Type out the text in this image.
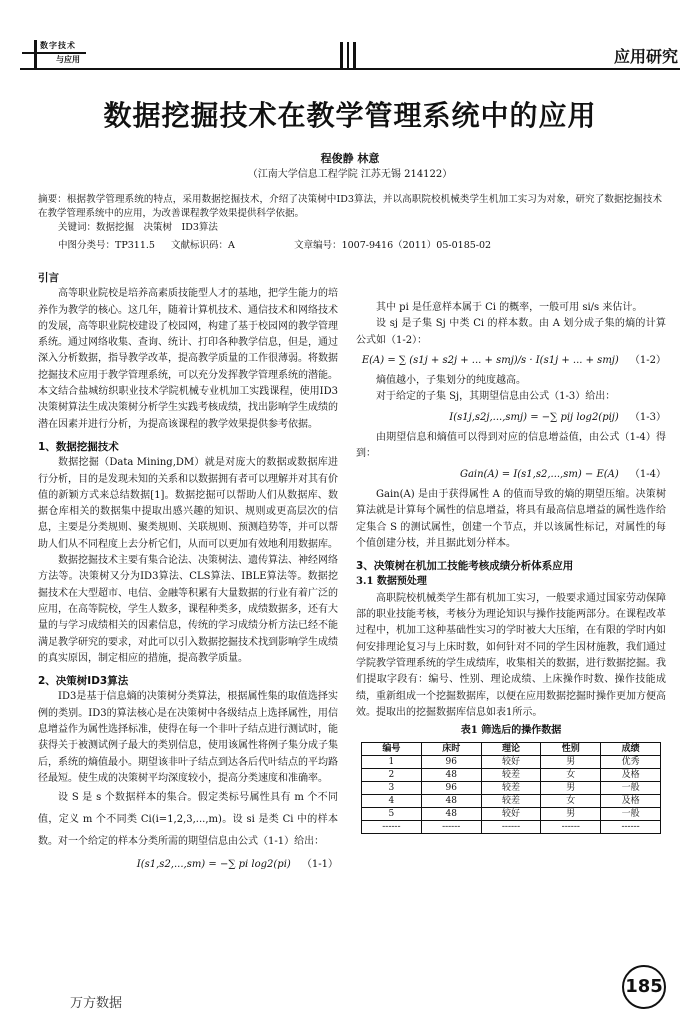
数字技术
与应用	应用研究
数据挖掘技术在教学管理系统中的应用
程俊静 林意
（江南大学信息工程学院 江苏无锡 214122）
摘要：根据教学管理系统的特点，采用数据挖掘技术，介绍了决策树中ID3算法，并以高职院校机械类学生机加工实习为对象，研究了数据挖掘技术在教学管理系统中的应用，为改善课程教学效果提供科学依据。
关键词：数据挖掘　决策树　ID3算法
中图分类号：TP311.5 文献标识码：A	文章编号：1007-9416（2011）05-0185-02
引言

高等职业院校是培养高素质技能型人才的基地，把学生能力的培养作为教学的核心。这几年，随着计算机技术、通信技术和网络技术的发展，高等职业院校建设了校园网，构建了基于校园网的教学管理系统。通过网络收集、查询、统计、打印各种教学信息，但是，通过深入分析数据，指导教学改革，提高教学质量的工作很薄弱。将数据挖掘技术应用于教学管理系统，可以充分发挥教学管理系统的潜能。本文结合盐城纺织职业技术学院机械专业机加工实践课程，使用ID3决策树算法生成决策树分析学生实践考核成绩，找出影响学生成绩的潜在因素并进行分析，为提高该课程的教学效果提供参考依据。

1、数据挖掘技术

数据挖掘（Data Mining,DM）就是对庞大的数据或数据库进行分析，目的是发现未知的关系和以数据拥有者可以理解并对其有价值的新颖方式来总结数据[1]。数据挖掘可以帮助人们从数据库、数据仓库相关的数据集中提取出感兴趣的知识、规则或更高层次的信息，主要是分类规则、聚类规则、关联规则、预测趋势等，并可以帮助人们从不同程度上去分析它们，从而可以更加有效地利用数据库。

数据挖掘技术主要有集合论法、决策树法、遗传算法、神经网络方法等。决策树又分为ID3算法、CLS算法、IBLE算法等。数据挖掘技术在大型超市、电信、金融等积累有大量数据的行业有着广泛的应用，在高等院校，学生人数多，课程种类多，成绩数据多，还有大量的与学习成绩相关的因素信息，传统的学习成绩分析方法已经不能满足教学研究的要求，对此可以引入数据挖掘技术找到影响学生成绩的真实原因，制定相应的措施，提高教学质量。

2、决策树ID3算法

ID3是基于信息熵的决策树分类算法，根据属性集的取值选择实例的类别。ID3的算法核心是在决策树中各级结点上选择属性，用信息增益作为属性选择标准，使得在每一个非叶子结点进行测试时，能获得关于被测试例子最大的类别信息，使用该属性将例子集分成子集后，系统的熵值最小。期望该非叶子结点到达各后代叶结点的平均路径最短。使生成的决策树平均深度较小，提高分类速度和准确率。

设 S 是 s 个数据样本的集合。假定类标号属性具有 m 个不同值，定义 m 个不同类 Ci(i=1,2,3,...,m)。设 si 是类 Ci 中的样本数。对一个给定的样本分类所需的期望信息由公式（1-1）给出：

I(s1,s2,...,sm) = −∑ pi log2(pi) （1-1）

其中 pi 是任意样本属于 Ci 的概率，一般可用 si/s 来估计。

设 sj 是子集 Sj 中类 Ci 的样本数。由 A 划分成子集的熵的计算公式如（1-2）：

E(A) = ∑ (s1j + s2j + ... + smj)/s · I(s1j + ... + smj) （1-2）

熵值越小，子集划分的纯度越高。

对于给定的子集 Sj，其期望信息由公式（1-3）给出：

I(s1j,s2j,...,smj) = −∑ pij log2(pij) （1-3）

由期望信息和熵值可以得到对应的信息增益值，由公式（1-4）得到：

Gain(A) = I(s1,s2,...,sm) − E(A) （1-4）

Gain(A) 是由于获得属性 A 的值而导致的熵的期望压缩。决策树算法就是计算每个属性的信息增益，将具有最高信息增益的属性选作给定集合 S 的测试属性，创建一个节点，并以该属性标记，对属性的每个值创建分枝，并且据此划分样本。

3、决策树在机加工技能考核成绩分析体系应用
3.1 数据预处理

高职院校机械类学生都有机加工实习，一般要求通过国家劳动保障部的职业技能考核，考核分为理论知识与操作技能两部分。在课程改革过程中，机加工这种基础性实习的学时被大大压缩，在有限的学时内如何安排理论复习与上床时数，如何针对不同的学生因材施教，我们通过学院教学管理系统的学生成绩库，收集相关的数据，进行数据挖掘。我们提取字段有：编号、性别、理论成绩、上床操作时数、操作技能成绩，重新组成一个挖掘数据库，以便在应用数据挖掘时操作更加方便高效。提取出的挖掘数据库信息如表1所示。

表1 筛选后的操作数据
编号	床时	理论	性别	成绩
1	96	较好	男	优秀
2	48	较差	女	及格
3	96	较差	男	一般
4	48	较差	女	及格
5	48	较好	男	一般
------	------	------	------	------
185
万方数据
